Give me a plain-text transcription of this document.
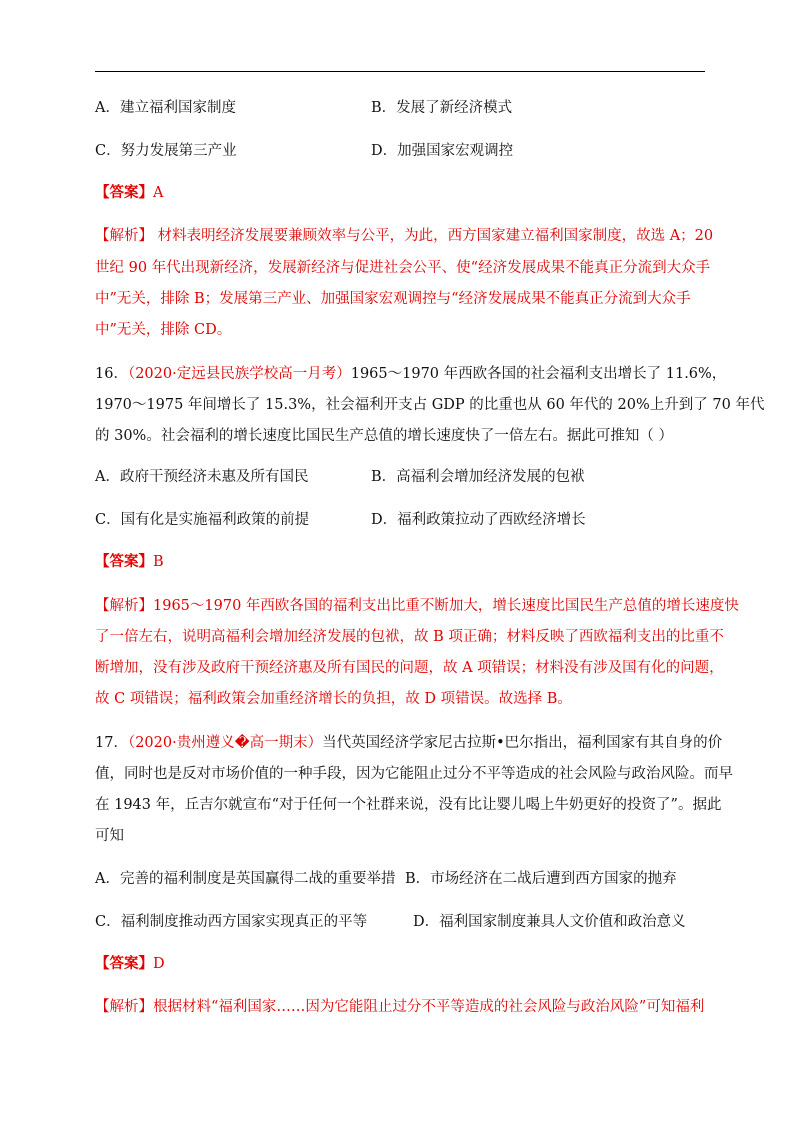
A．建立福利国家制度	B．发展了新经济模式
C．努力发展第三产业	D．加强国家宏观调控
【答案】A
【解析】 材料表明经济发展要兼顾效率与公平，为此，西方国家建立福利国家制度，故选 A；20
世纪 90 年代出现新经济，发展新经济与促进社会公平、使“经济发展成果不能真正分流到大众手
中”无关，排除 B；发展第三产业、加强国家宏观调控与“经济发展成果不能真正分流到大众手
中”无关，排除 CD。
16．（2020·定远县民族学校高一月考）1965～1970 年西欧各国的社会福利支出增长了 11.6%，
1970～1975 年间增长了 15.3%，社会福利开支占 GDP 的比重也从 60 年代的 20%上升到了 70 年代
的 30%。社会福利的增长速度比国民生产总值的增长速度快了一倍左右。据此可推知（ ）
A．政府干预经济未惠及所有国民	B．高福利会增加经济发展的包袱
C．国有化是实施福利政策的前提	D．福利政策拉动了西欧经济增长
【答案】B
【解析】1965～1970 年西欧各国的福利支出比重不断加大，增长速度比国民生产总值的增长速度快
了一倍左右，说明高福利会增加经济发展的包袱，故 B 项正确；材料反映了西欧福利支出的比重不
断增加，没有涉及政府干预经济惠及所有国民的问题，故 A 项错误；材料没有涉及国有化的问题，
故 C 项错误；福利政策会加重经济增长的负担，故 D 项错误。故选择 B。
17．（2020·贵州遵义�高一期末）当代英国经济学家尼古拉斯•巴尔指出，福利国家有其自身的价
值，同时也是反对市场价值的一种手段，因为它能阻止过分不平等造成的社会风险与政治风险。而早
在 1943 年，丘吉尔就宣布“对于任何一个社群来说，没有比让婴儿喝上牛奶更好的投资了”。据此
可知
A．完善的福利制度是英国赢得二战的重要举措 B．市场经济在二战后遭到西方国家的抛弃
C．福利制度推动西方国家实现真正的平等	D．福利国家制度兼具人文价值和政治意义
【答案】D
【解析】根据材料“福利国家……因为它能阻止过分不平等造成的社会风险与政治风险”可知福利
